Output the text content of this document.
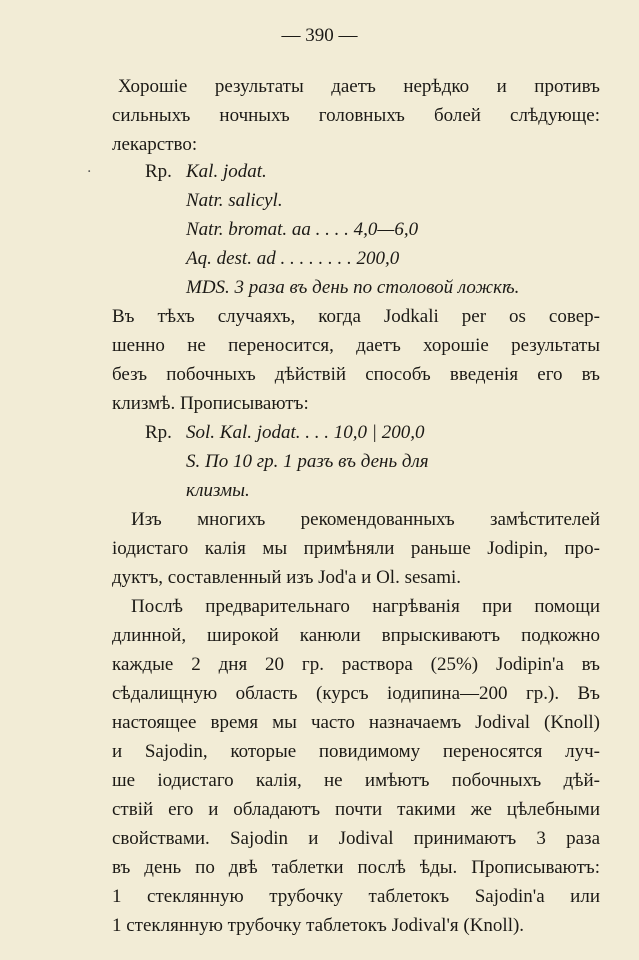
— 390 —
Хорошіе результаты даетъ нерѣдко и противъ
сильныхъ ночныхъ головныхъ болей слѣдующе:
лекарство:
·	Rp. Kal. jodat.
Natr. salicyl.
Natr. bromat. aa . . . . 4,0—6,0
Aq. dest. ad . . . . . . . . 200,0
MDS. 3 раза въ день по столовой ложкѣ.
Въ тѣхъ случаяхъ, когда Jodkali per os совер-
шенно не переносится, даетъ хорошіе результаты
безъ побочныхъ дѣйствій способъ введенія его въ
клизмѣ. Прописываютъ:
Rp. Sol. Kal. jodat. . . . 10,0 | 200,0
S. По 10 гр. 1 разъ въ день для
клизмы.
Изъ многихъ рекомендованныхъ замѣстителей
іодистаго калія мы примѣняли раньше Jodipin, про-
дуктъ, составленный изъ Jod'a и Ol. sesami.
Послѣ предварительнаго нагрѣванія при помощи
длинной, широкой канюли впрыскиваютъ подкожно
каждые 2 дня 20 гр. раствора (25%) Jodipin'a въ
сѣдалищную область (курсъ іодипина—200 гр.). Въ
настоящее время мы часто назначаемъ Jodival (Knoll)
и Sajodin, которые повидимому переносятся луч-
ше іодистаго калія, не имѣютъ побочныхъ дѣй-
ствій его и обладаютъ почти такими же цѣлебными
свойствами. Sajodin и Jodival принимаютъ 3 раза
въ день по двѣ таблетки послѣ ѣды. Прописываютъ:
1 стеклянную трубочку таблетокъ Sajodin'a или
1 стеклянную трубочку таблетокъ Jodival'я (Knoll).
